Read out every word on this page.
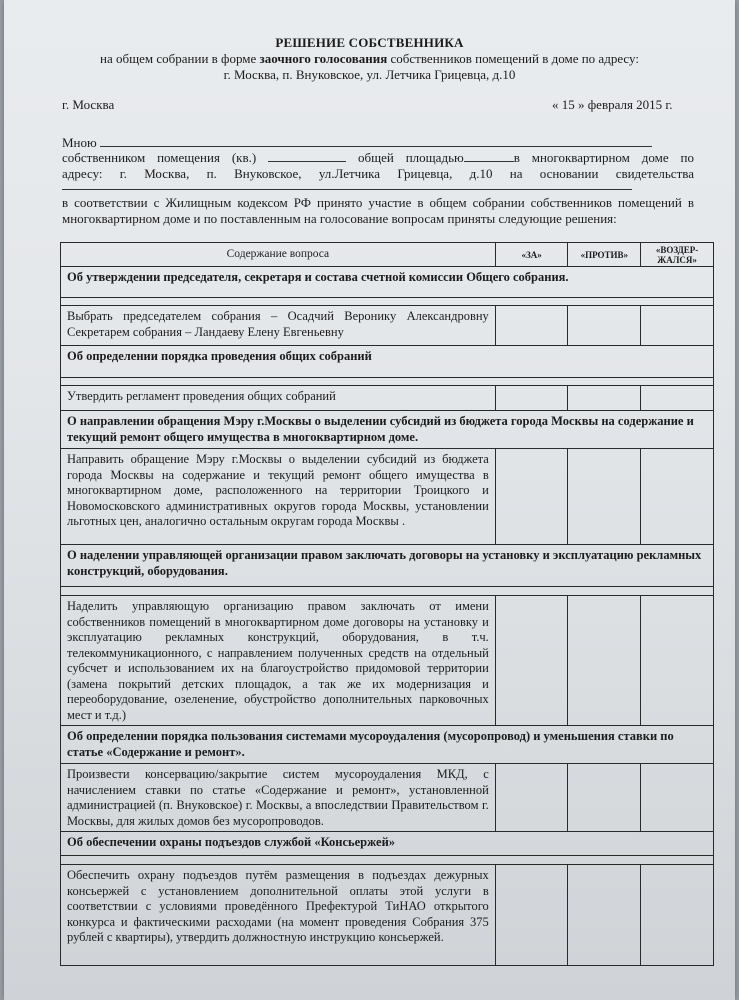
РЕШЕНИЕ СОБСТВЕННИКА
на общем собрании в форме заочного голосования собственников помещений в доме по адресу:
г. Москва, п. Внуковское, ул. Летчика Грицевца, д.10
г. Москва	« 15 » февраля 2015 г.
Мною
собственником помещения (кв.)	общей площадью	в многоквартирном доме по
адресу: г. Москва, п. Внуковское, ул.Летчика Грицевца, д.10 на основании свидетельства
в соответствии с Жилищным кодексом РФ принято участие в общем собрании собственников помещений в многоквартирном доме и по поставленным на голосование вопросам приняты следующие решения:
Содержание вопроса	«ЗА»	«ПРОТИВ»	«ВОЗДЕР-ЖАЛСЯ»
Об утверждении председателя, секретаря и состава счетной комиссии Общего собрания.			

Выбрать председателем собрания – Осадчий Веронику Александровну Секретарем собрания – Ландаеву Елену Евгеньевну			
Об определении порядка проведения общих собраний			

Утвердить регламент проведения общих собраний			
О направлении обращения Мэру г.Москвы о выделении субсидий из бюджета города Москвы на содержание и текущий ремонт общего имущества в многоквартирном доме.			
Направить обращение Мэру г.Москвы о выделении субсидий из бюджета города Москвы на содержание и текущий ремонт общего имущества в многоквартирном доме, расположенного на территории Троицкого и Новомосковского административных округов города Москвы, установлении льготных цен, аналогично остальным округам города Москвы .			
О наделении управляющей организации правом заключать договоры на установку и эксплуатацию рекламных конструкций, оборудования.			

Наделить управляющую организацию правом заключать от имени собственников помещений в многоквартирном доме договоры на установку и эксплуатацию рекламных конструкций, оборудования, в т.ч. телекоммуникационного, с направлением полученных средств на отдельный субсчет и использованием их на благоустройство придомовой территории (замена покрытий детских площадок, а так же их модернизация и переоборудование, озеленение, обустройство дополнительных парковочных мест и т.д.)			
Об определении порядка пользования системами мусороудаления (мусоропровод) и уменьшения ставки по статье «Содержание и ремонт».			
Произвести консервацию/закрытие систем мусороудаления МКД, с начислением ставки по статье «Содержание и ремонт», установленной администрацией (п. Внуковское) г. Москвы, а впоследствии Правительством г. Москвы, для жилых домов без мусоропроводов.			
Об обеспечении охраны подъездов службой «Консьержей»			

Обеспечить охрану подъездов путём размещения в подъездах дежурных консьержей с установлением дополнительной оплаты этой услуги в соответствии с условиями проведённого Префектурой ТиНАО открытого конкурса и фактическими расходами (на момент проведения Собрания 375 рублей с квартиры), утвердить должностную инструкцию консьержей.			
